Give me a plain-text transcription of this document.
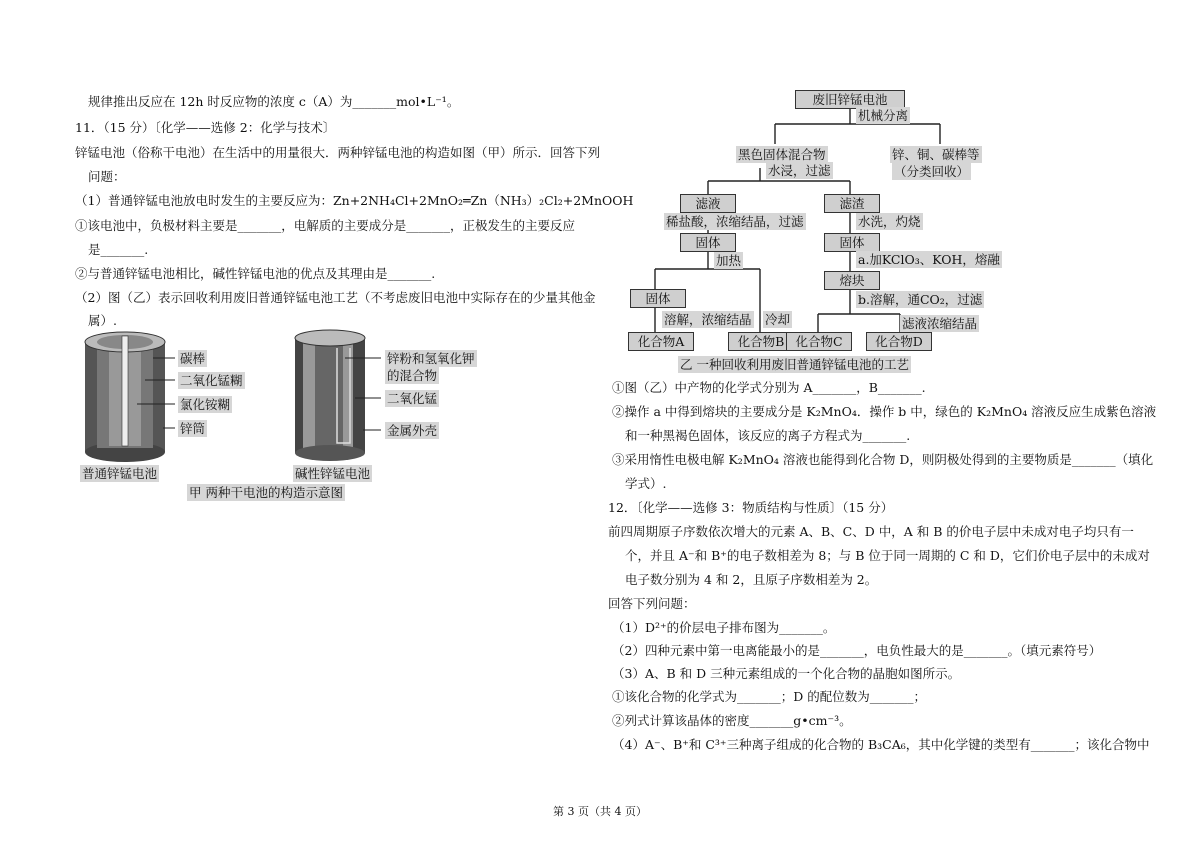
规律推出反应在 12h 时反应物的浓度 c（A）为_______mol•L⁻¹。
11．（15 分）〔化学——选修 2：化学与技术〕
锌锰电池（俗称干电池）在生活中的用量很大．两种锌锰电池的构造如图（甲）所示．回答下列
问题：
（1）普通锌锰电池放电时发生的主要反应为：Zn+2NH₄Cl+2MnO₂═Zn（NH₃）₂Cl₂+2MnOOH
①该电池中，负极材料主要是_______，电解质的主要成分是_______，正极发生的主要反应
是_______.
②与普通锌锰电池相比，碱性锌锰电池的优点及其理由是_______.
（2）图（乙）表示回收利用废旧普通锌锰电池工艺（不考虑废旧电池中实际存在的少量其他金
属）.
碳棒
二氧化锰糊
氯化铵糊
锌筒
普通锌锰电池
锌粉和氢氧化钾
的混合物
二氧化锰
金属外壳
碱性锌锰电池
甲 两种干电池的构造示意图
废旧锌锰电池
机械分离
黑色固体混合物
水浸，过滤
锌、铜、碳棒等
（分类回收）
滤液	滤渣
稀盐酸，浓缩结晶，过滤	水洗，灼烧
固体	固体
加热	a.加KClO₃、KOH，熔融
熔块
固体	b.溶解，通CO₂，过滤
溶解，浓缩结晶 冷却	滤液浓缩结晶
化合物A	化合物B 化合物C	化合物D
乙 一种回收利用废旧普通锌锰电池的工艺
①图（乙）中产物的化学式分别为 A_______，B_______.
②操作 a 中得到熔块的主要成分是 K₂MnO₄．操作 b 中，绿色的 K₂MnO₄ 溶液反应生成紫色溶液
和一种黑褐色固体，该反应的离子方程式为_______.
③采用惰性电极电解 K₂MnO₄ 溶液也能得到化合物 D，则阴极处得到的主要物质是_______（填化
学式）.
12．〔化学——选修 3：物质结构与性质〕（15 分）
前四周期原子序数依次增大的元素 A、B、C、D 中，A 和 B 的价电子层中未成对电子均只有一
个，并且 A⁻和 B⁺的电子数相差为 8；与 B 位于同一周期的 C 和 D，它们价电子层中的未成对
电子数分别为 4 和 2，且原子序数相差为 2。
回答下列问题：
（1）D²⁺的价层电子排布图为_______。
（2）四种元素中第一电离能最小的是_______，电负性最大的是_______。（填元素符号）
（3）A、B 和 D 三种元素组成的一个化合物的晶胞如图所示。
①该化合物的化学式为_______；D 的配位数为_______；
②列式计算该晶体的密度_______g•cm⁻³。
（4）A⁻、B⁺和 C³⁺三种离子组成的化合物的 B₃CA₆，其中化学键的类型有_______；该化合物中
第 3 页（共 4 页）
